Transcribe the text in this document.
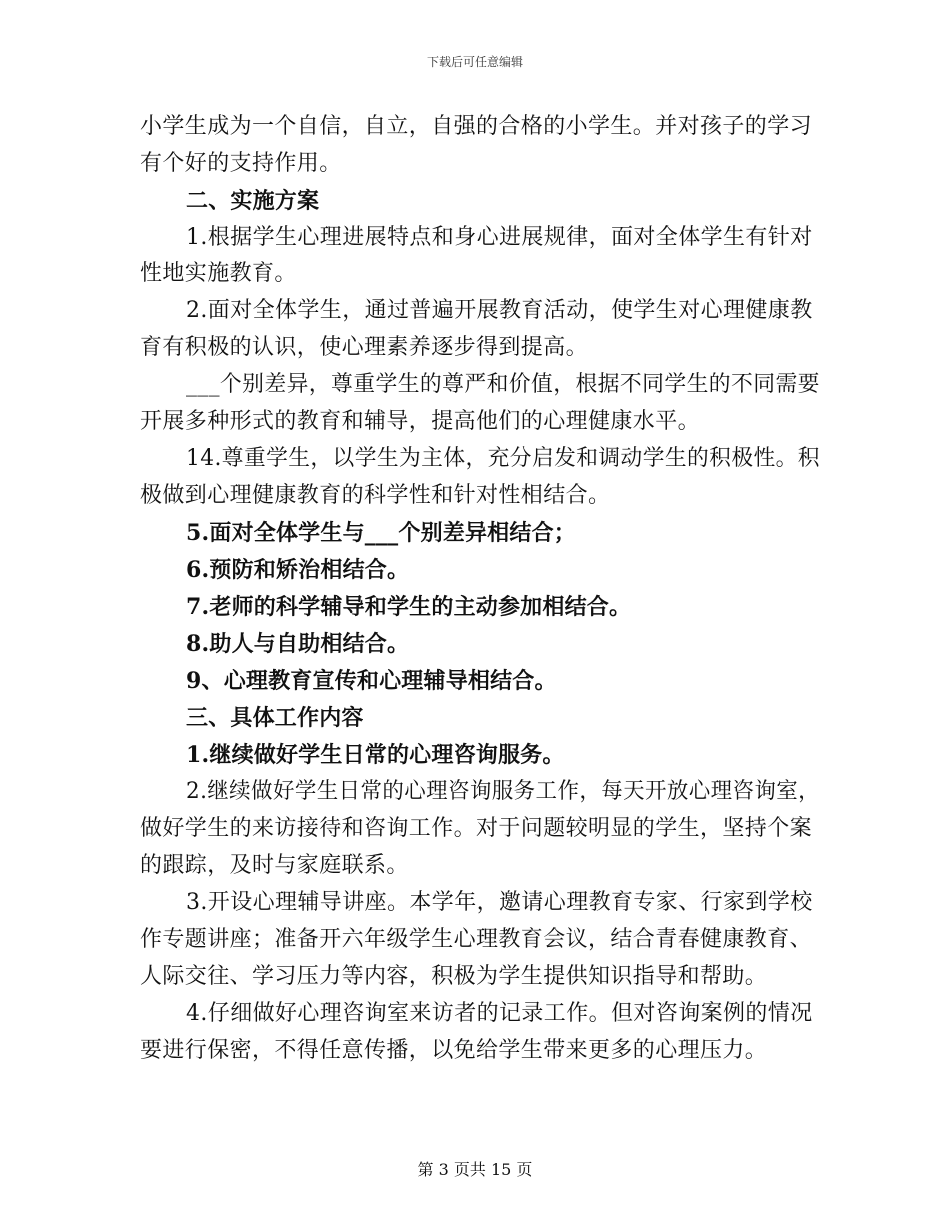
下载后可任意编辑
小学生成为一个自信，自立，自强的合格的小学生。并对孩子的学习
有个好的支持作用。
二、实施方案
1.根据学生心理进展特点和身心进展规律，面对全体学生有针对
性地实施教育。
2.面对全体学生，通过普遍开展教育活动，使学生对心理健康教
育有积极的认识，使心理素养逐步得到提高。
___个别差异，尊重学生的尊严和价值，根据不同学生的不同需要
开展多种形式的教育和辅导，提高他们的心理健康水平。
14.尊重学生，以学生为主体，充分启发和调动学生的积极性。积
极做到心理健康教育的科学性和针对性相结合。
5.面对全体学生与___个别差异相结合；
6.预防和矫治相结合。
7.老师的科学辅导和学生的主动参加相结合。
8.助人与自助相结合。
9、心理教育宣传和心理辅导相结合。
三、具体工作内容
1.继续做好学生日常的心理咨询服务。
2.继续做好学生日常的心理咨询服务工作，每天开放心理咨询室，
做好学生的来访接待和咨询工作。对于问题较明显的学生，坚持个案
的跟踪，及时与家庭联系。
3.开设心理辅导讲座。本学年，邀请心理教育专家、行家到学校
作专题讲座；准备开六年级学生心理教育会议，结合青春健康教育、
人际交往、学习压力等内容，积极为学生提供知识指导和帮助。
4.仔细做好心理咨询室来访者的记录工作。但对咨询案例的情况
要进行保密，不得任意传播，以免给学生带来更多的心理压力。
第 3 页共 15 页
